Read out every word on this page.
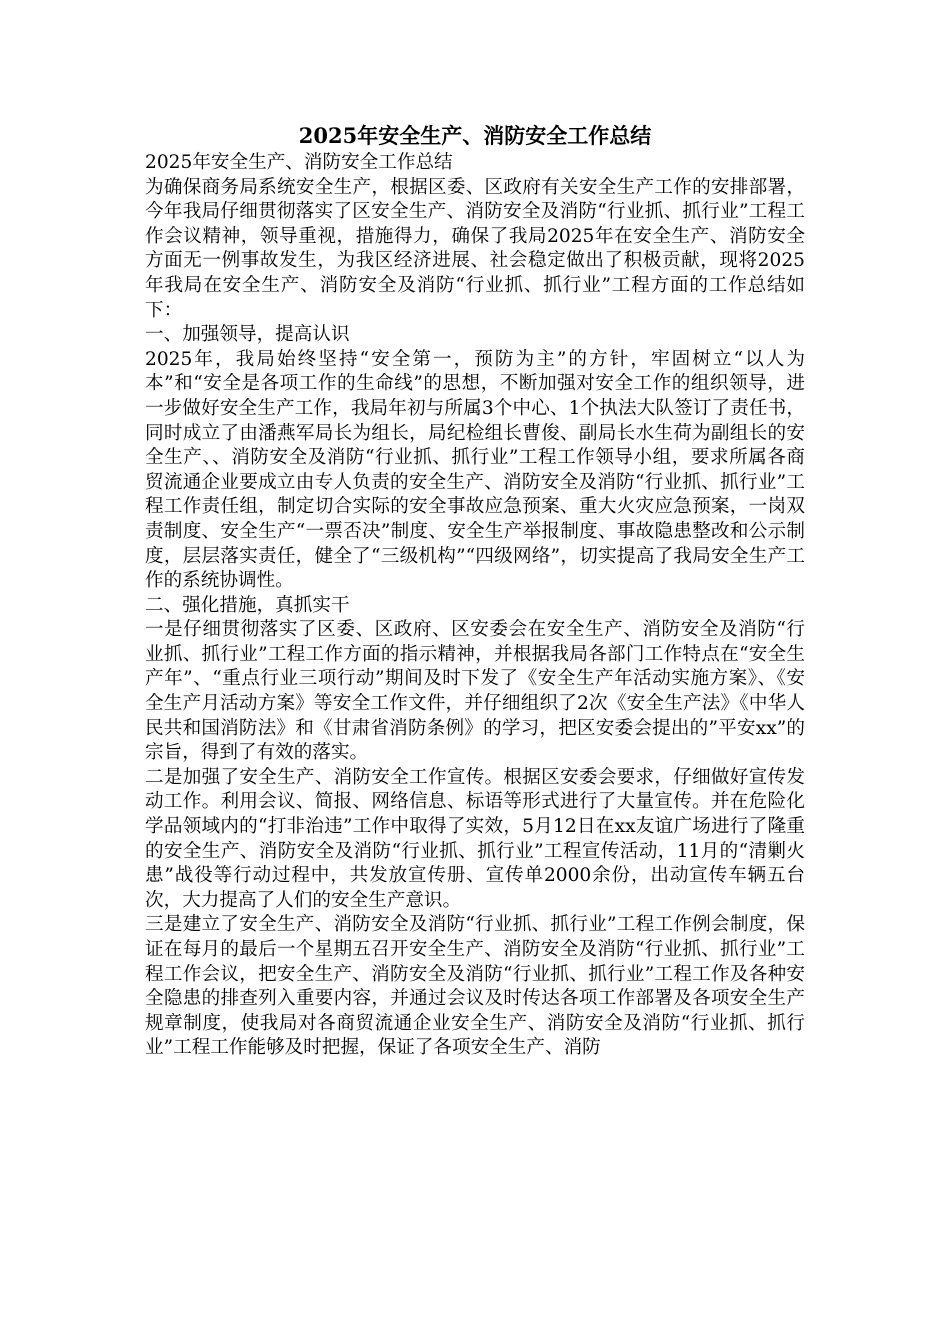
2025年安全生产、消防安全工作总结

2025年安全生产、消防安全工作总结

为确保商务局系统安全生产，根据区委、区政府有关安全生产工作的安排部署，今年我局仔细贯彻落实了区安全生产、消防安全及消防“行业抓、抓行业”工程工作会议精神，领导重视，措施得力，确保了我局2025年在安全生产、消防安全方面无一例事故发生，为我区经济进展、社会稳定做出了积极贡献，现将2025年我局在安全生产、消防安全及消防“行业抓、抓行业”工程方面的工作总结如下：

一、加强领导，提高认识

2025年，我局始终坚持“安全第一，预防为主”的方针，牢固树立“以人为本”和“安全是各项工作的生命线”的思想，不断加强对安全工作的组织领导，进一步做好安全生产工作，我局年初与所属3个中心、1个执法大队签订了责任书，同时成立了由潘燕军局长为组长，局纪检组长曹俊、副局长水生荷为副组长的安全生产、、消防安全及消防“行业抓、抓行业”工程工作领导小组，要求所属各商贸流通企业要成立由专人负责的安全生产、消防安全及消防“行业抓、抓行业”工程工作责任组，制定切合实际的安全事故应急预案、重大火灾应急预案，一岗双责制度、安全生产“一票否决”制度、安全生产举报制度、事故隐患整改和公示制度，层层落实责任，健全了“三级机构”“四级网络”，切实提高了我局安全生产工作的系统协调性。

二、强化措施，真抓实干

一是仔细贯彻落实了区委、区政府、区安委会在安全生产、消防安全及消防“行业抓、抓行业”工程工作方面的指示精神，并根据我局各部门工作特点在“安全生产年”、“重点行业三项行动”期间及时下发了《安全生产年活动实施方案》、《安全生产月活动方案》等安全工作文件，并仔细组织了2次《安全生产法》《中华人民共和国消防法》和《甘肃省消防条例》的学习，把区安委会提出的”平安xx”的宗旨，得到了有效的落实。

二是加强了安全生产、消防安全工作宣传。根据区安委会要求，仔细做好宣传发动工作。利用会议、简报、网络信息、标语等形式进行了大量宣传。并在危险化学品领域内的“打非治违”工作中取得了实效，5月12日在xx友谊广场进行了隆重的安全生产、消防安全及消防“行业抓、抓行业”工程宣传活动，11月的“清剿火患”战役等行动过程中，共发放宣传册、宣传单2000余份，出动宣传车辆五台次，大力提高了人们的安全生产意识。

三是建立了安全生产、消防安全及消防“行业抓、抓行业”工程工作例会制度，保证在每月的最后一个星期五召开安全生产、消防安全及消防“行业抓、抓行业”工程工作会议，把安全生产、消防安全及消防“行业抓、抓行业”工程工作及各种安全隐患的排查列入重要内容，并通过会议及时传达各项工作部署及各项安全生产规章制度，使我局对各商贸流通企业安全生产、消防安全及消防“行业抓、抓行业”工程工作能够及时把握，保证了各项安全生产、消防
